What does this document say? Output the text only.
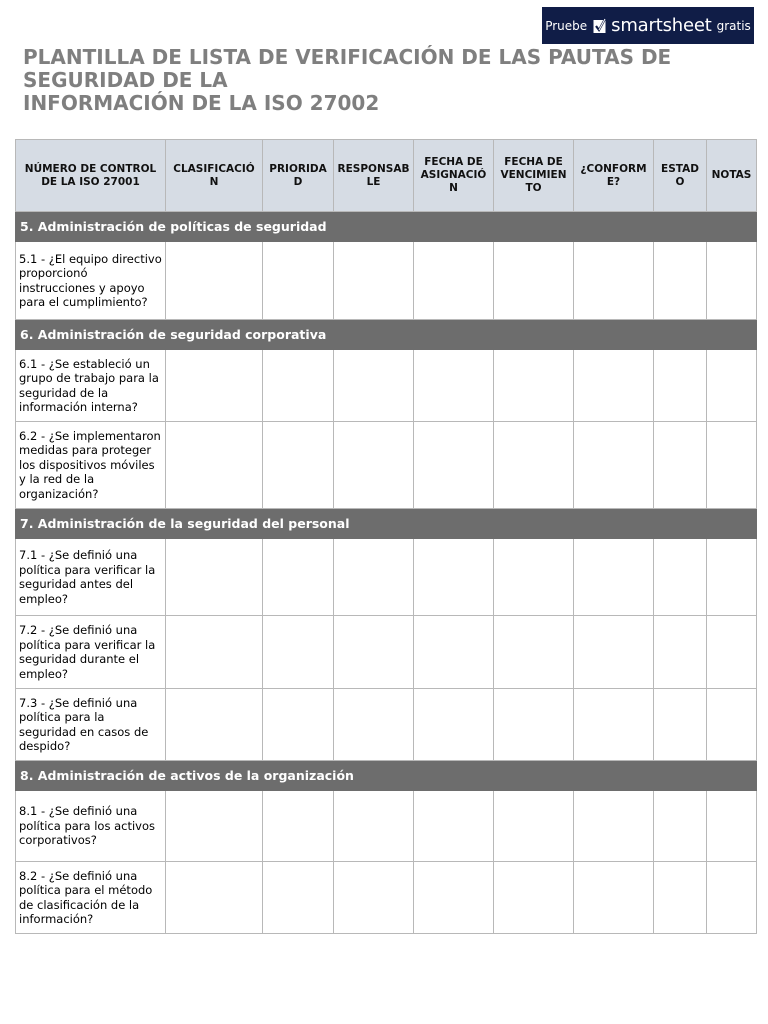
Pruebe smartsheet gratis
PLANTILLA DE LISTA DE VERIFICACIÓN DE LAS PAUTAS DE
SEGURIDAD DE LA
INFORMACIÓN DE LA ISO 27002
NÚMERO DE CONTROL DE LA ISO 27001	CLASIFICACIÓN	PRIORIDAD	RESPONSABLE	FECHA DE ASIGNACIÓN	FECHA DE VENCIMIENTO	¿CONFORME?	ESTADO	NOTAS
5. Administración de políticas de seguridad								
5.1 - ¿El equipo directivo proporcionó instrucciones y apoyo para el cumplimiento?								
6. Administración de seguridad corporativa								
6.1 - ¿Se estableció un grupo de trabajo para la seguridad de la información interna?								
6.2 - ¿Se implementaron medidas para proteger los dispositivos móviles y la red de la organización?								
7. Administración de la seguridad del personal								
7.1 - ¿Se definió una política para verificar la seguridad antes del empleo?								
7.2 - ¿Se definió una política para verificar la seguridad durante el empleo?								
7.3 - ¿Se definió una política para la seguridad en casos de despido?								
8. Administración de activos de la organización								
8.1 - ¿Se definió una política para los activos corporativos?								
8.2 - ¿Se definió una política para el método de clasificación de la información?								
